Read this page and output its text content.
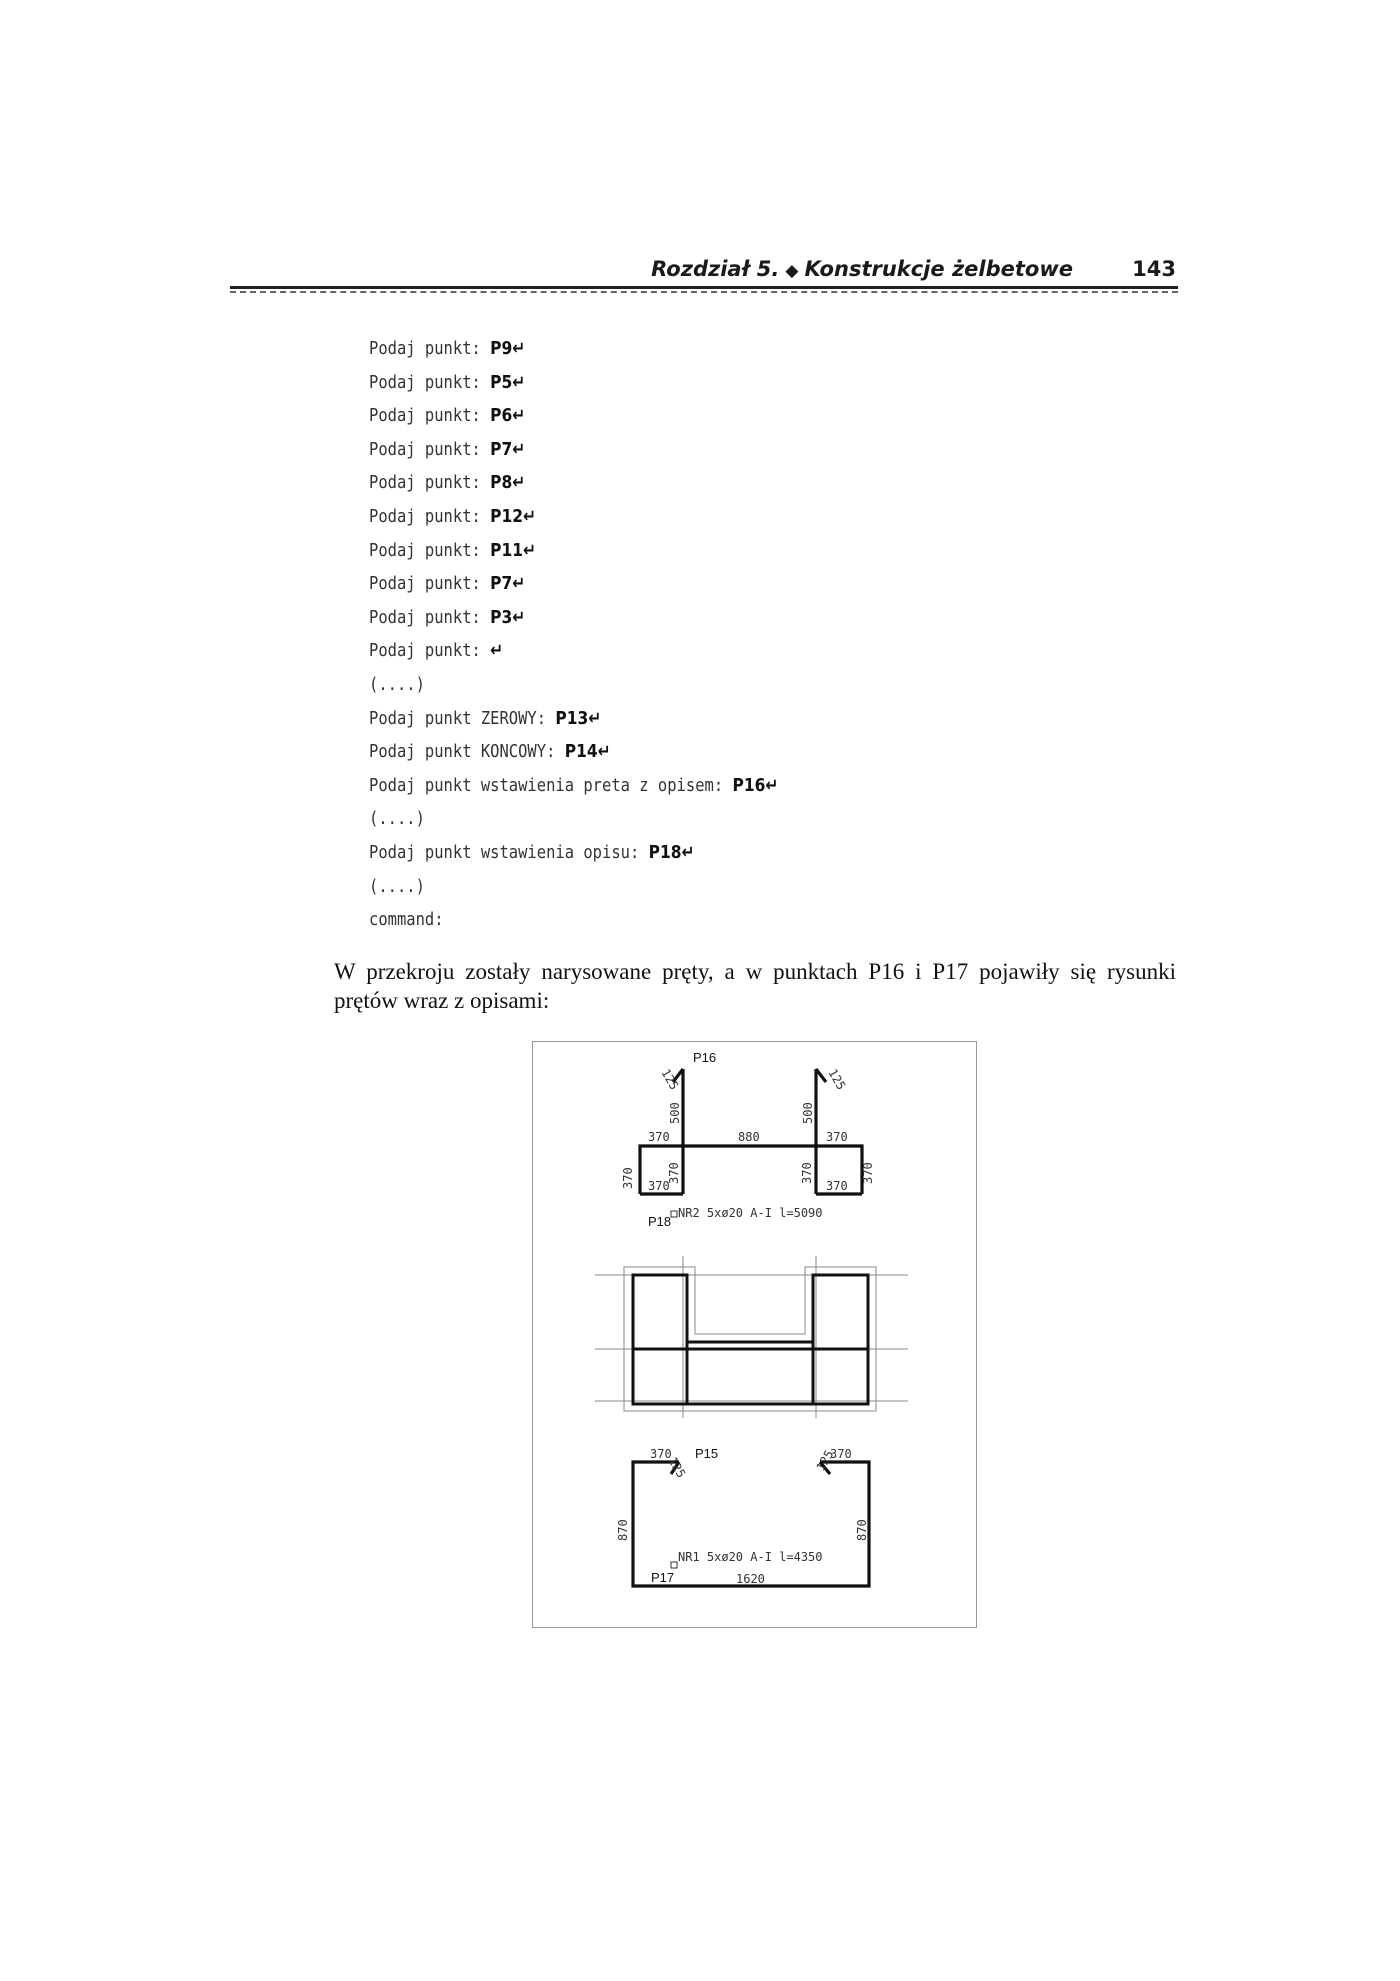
Rozdział 5. ◆ Konstrukcje żelbetowe	143
Podaj punkt: P9↵
Podaj punkt: P5↵
Podaj punkt: P6↵
Podaj punkt: P7↵
Podaj punkt: P8↵
Podaj punkt: P12↵
Podaj punkt: P11↵
Podaj punkt: P7↵
Podaj punkt: P3↵
Podaj punkt: ↵
(....)
Podaj punkt ZEROWY: P13↵
Podaj punkt KONCOWY: P14↵
Podaj punkt wstawienia preta z opisem: P16↵
(....)
Podaj punkt wstawienia opisu: P18↵
(....)
command:
W przekroju zostały narysowane pręty, a w punktach P16 i P17 pojawiły się rysunki
prętów wraz z opisami:
125
P16
125
500	500
370	880	370
370	370	370	370
370	370
NR2 5xø20 A-I l=5090
P18
370	370
125	125
P15
870	870
NR1 5xø20 A-I l=4350
P17	1620
